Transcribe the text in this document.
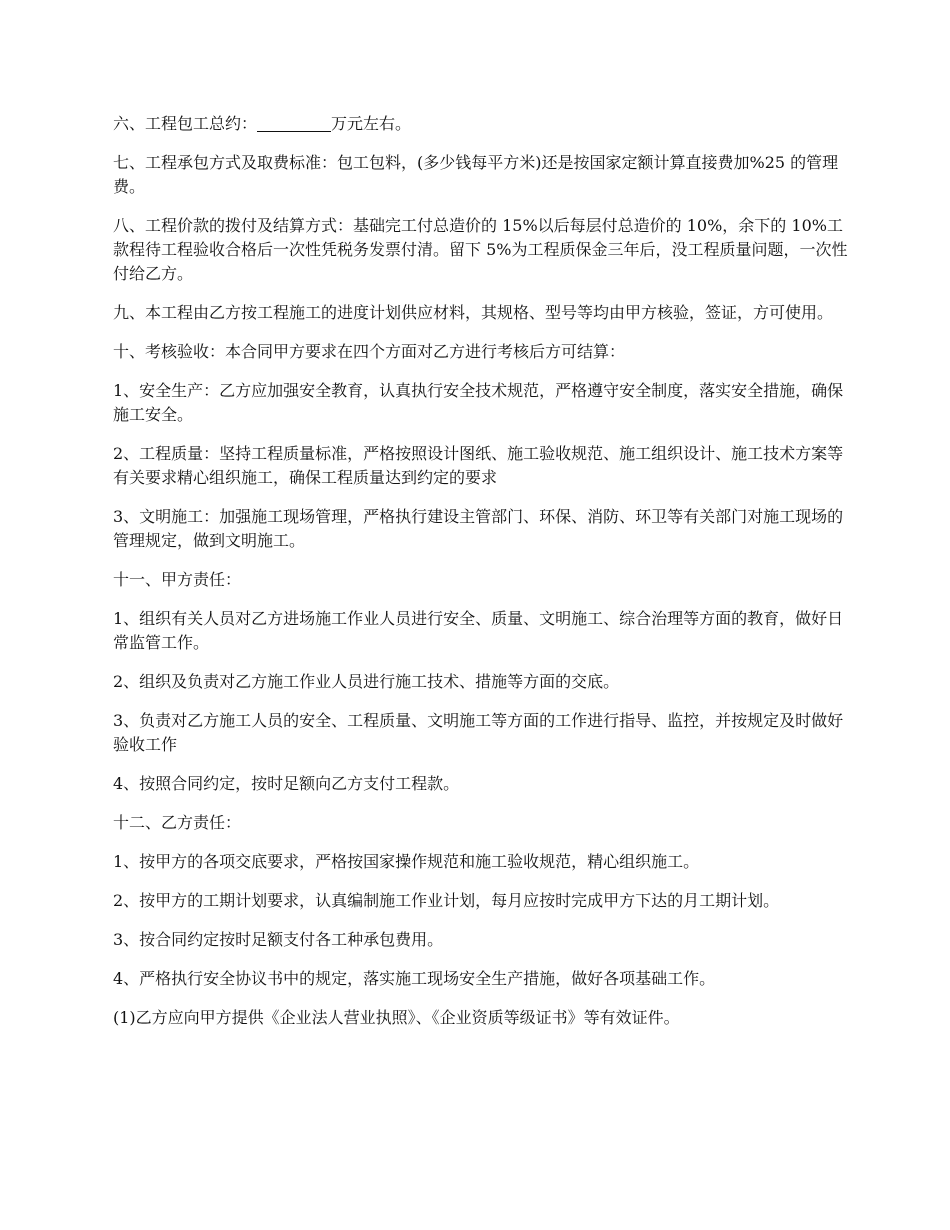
六、工程包工总约：	万元左右。

七、工程承包方式及取费标准：包工包料，(多少钱每平方米)还是按国家定额计算直接费加%25 的管理费。

八、工程价款的拨付及结算方式：基础完工付总造价的 15%以后每层付总造价的 10%，余下的 10%工款程待工程验收合格后一次性凭税务发票付清。留下 5%为工程质保金三年后，没工程质量问题，一次性付给乙方。

九、本工程由乙方按工程施工的进度计划供应材料，其规格、型号等均由甲方核验，签证，方可使用。

十、考核验收：本合同甲方要求在四个方面对乙方进行考核后方可结算：

1、安全生产：乙方应加强安全教育，认真执行安全技术规范，严格遵守安全制度，落实安全措施，确保施工安全。

2、工程质量：坚持工程质量标准，严格按照设计图纸、施工验收规范、施工组织设计、施工技术方案等有关要求精心组织施工，确保工程质量达到约定的要求

3、文明施工：加强施工现场管理，严格执行建设主管部门、环保、消防、环卫等有关部门对施工现场的管理规定，做到文明施工。

十一、甲方责任：

1、组织有关人员对乙方进场施工作业人员进行安全、质量、文明施工、综合治理等方面的教育，做好日常监管工作。

2、组织及负责对乙方施工作业人员进行施工技术、措施等方面的交底。

3、负责对乙方施工人员的安全、工程质量、文明施工等方面的工作进行指导、监控，并按规定及时做好验收工作

4、按照合同约定，按时足额向乙方支付工程款。

十二、乙方责任：

1、按甲方的各项交底要求，严格按国家操作规范和施工验收规范，精心组织施工。

2、按甲方的工期计划要求，认真编制施工作业计划，每月应按时完成甲方下达的月工期计划。

3、按合同约定按时足额支付各工种承包费用。

4、严格执行安全协议书中的规定，落实施工现场安全生产措施，做好各项基础工作。

(1)乙方应向甲方提供《企业法人营业执照》、《企业资质等级证书》等有效证件。
